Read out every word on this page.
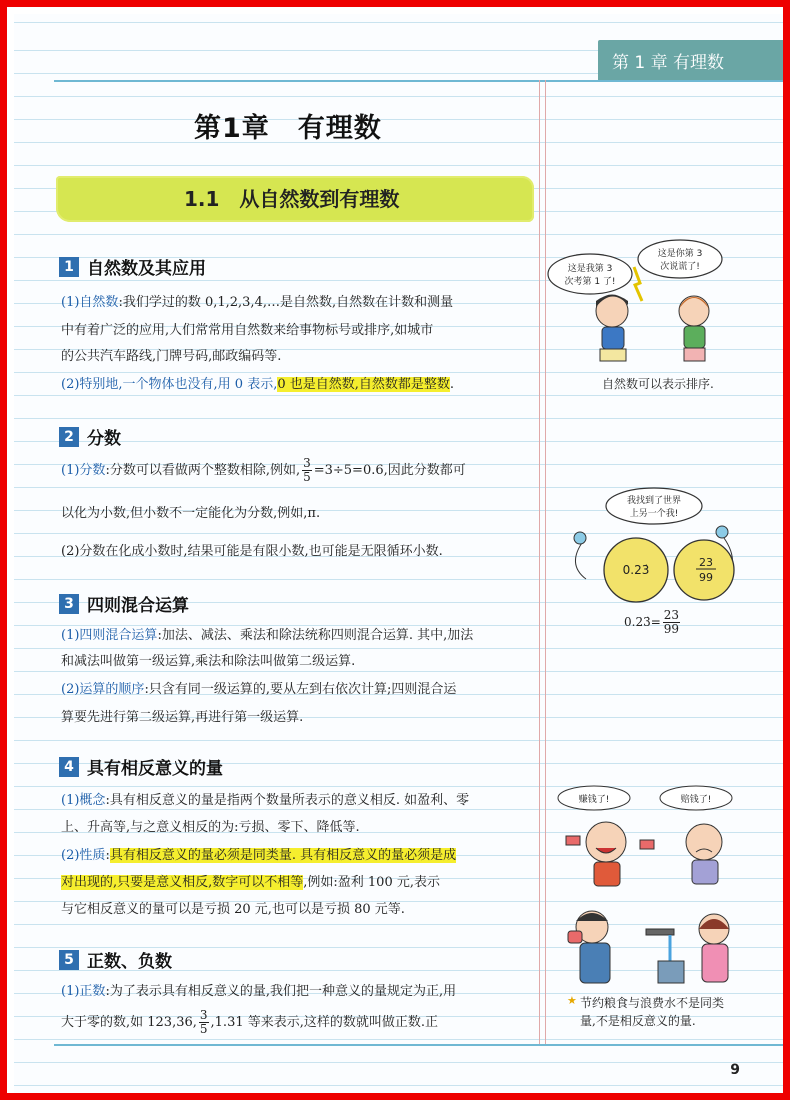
第 1 章 有理数
第1章　有理数
1.1　从自然数到有理数
1 自然数及其应用
(1)自然数:我们学过的数 0,1,2,3,4,…是自然数,自然数在计数和测量
中有着广泛的应用,人们常常用自然数来给事物标号或排序,如城市
的公共汽车路线,门牌号码,邮政编码等.
(2)特别地,一个物体也没有,用 0 表示,0 也是自然数,自然数都是整数.
2 分数
(1)分数:分数可以看做两个整数相除,例如, $\frac{3}{5} =3\div 5=0.6$,因此分数都可
以化为小数,但小数不一定能化为分数,例如,π.
(2)分数在化成小数时,结果可能是有限小数,也可能是无限循环小数.
3 四则混合运算
(1)四则混合运算:加法、减法、乘法和除法统称四则混合运算. 其中,加法
和减法叫做第一级运算,乘法和除法叫做第二级运算.
(2)运算的顺序:只含有同一级运算的,要从左到右依次计算;四则混合运
算要先进行第二级运算,再进行第一级运算.
4 具有相反意义的量
(1)概念:具有相反意义的量是指两个数量所表示的意义相反. 如盈利、零
上、升高等,与之意义相反的为:亏损、零下、降低等.
(2)性质:具有相反意义的量必须是同类量. 具有相反意义的量必须是成
对出现的,只要是意义相反,数字可以不相等,例如:盈利 100 元,表示
与它相反意义的量可以是亏损 20 元,也可以是亏损 80 元等.
5 正数、负数
(1)正数:为了表示具有相反意义的量,我们把一种意义的量规定为正,用
大于零的数,如 123,36, $\frac{3}{5} ,1.31$ 等来表示,这样的数就叫做正数.正
这是我第 3
次考第 1 了!
这是你第 3
次说谎了!
自然数可以表示排序.
我找到了世界
上另一个我!
0.23̇
23
99
0.23̇= $\frac{23}{99}$
赚钱了!	赔钱了!
★ 节约粮食与浪费水不是同类
量,不是相反意义的量.
9
